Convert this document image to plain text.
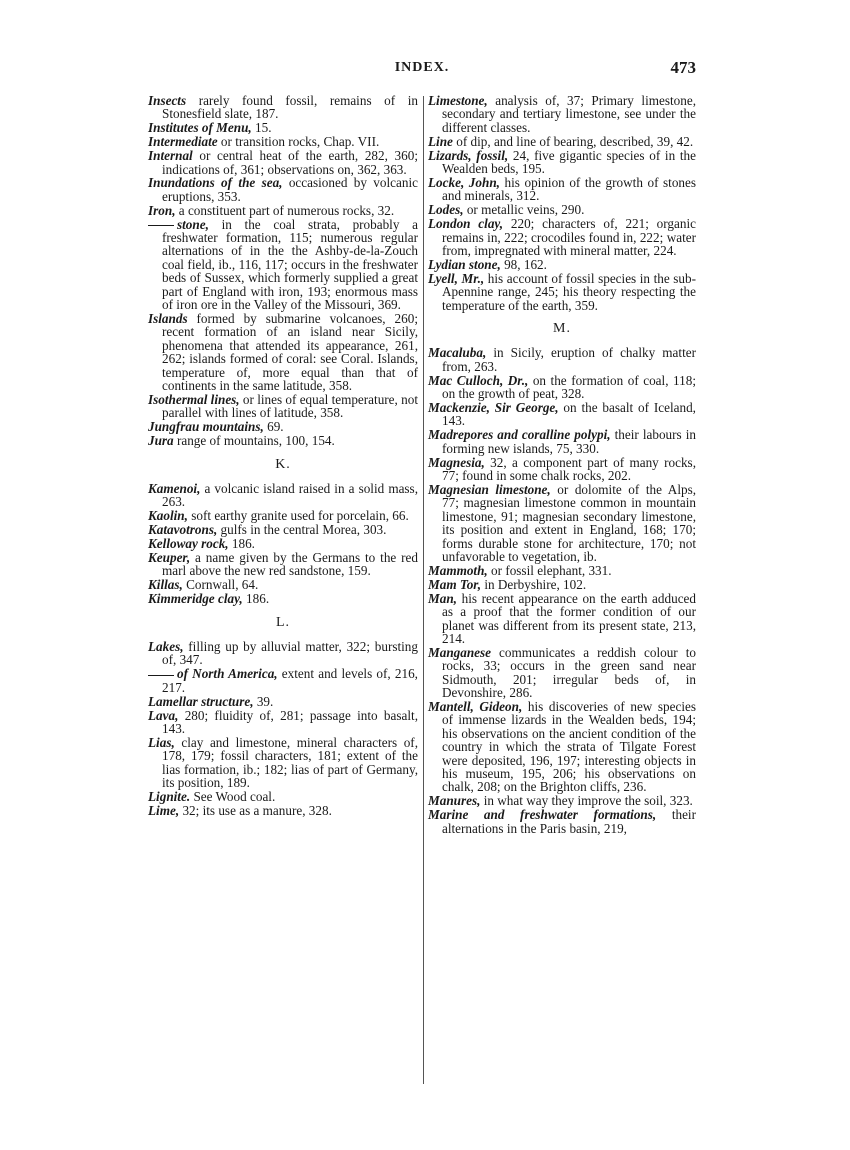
INDEX.	473
Insects rarely found fossil, remains of in Stonesfield slate, 187.
Institutes of Menu, 15.
Intermediate or transition rocks, Chap. VII.
Internal or central heat of the earth, 282, 360; indications of, 361; observations on, 362, 363.
Inundations of the sea, occasioned by volcanic eruptions, 353.
Iron, a constituent part of numerous rocks, 32.
stone, in the coal strata, probably a freshwater formation, 115; numerous regular alternations of in the the Ashby-de-la-Zouch coal field, ib., 116, 117; occurs in the freshwater beds of Sussex, which formerly supplied a great part of England with iron, 193; enormous mass of iron ore in the Valley of the Missouri, 369.
Islands formed by submarine volcanoes, 260; recent formation of an island near Sicily, phenomena that attended its appearance, 261, 262; islands formed of coral: see Coral. Islands, temperature of, more equal than that of continents in the same latitude, 358.
Isothermal lines, or lines of equal temperature, not parallel with lines of latitude, 358.
Jungfrau mountains, 69.
Jura range of mountains, 100, 154.
K.
Kamenoi, a volcanic island raised in a solid mass, 263.
Kaolin, soft earthy granite used for porcelain, 66.
Katavotrons, gulfs in the central Morea, 303.
Kelloway rock, 186.
Keuper, a name given by the Germans to the red marl above the new red sandstone, 159.
Killas, Cornwall, 64.
Kimmeridge clay, 186.
L.
Lakes, filling up by alluvial matter, 322; bursting of, 347.
of North America, extent and levels of, 216, 217.
Lamellar structure, 39.
Lava, 280; fluidity of, 281; passage into basalt, 143.
Lias, clay and limestone, mineral characters of, 178, 179; fossil characters, 181; extent of the lias formation, ib.; 182; lias of part of Germany, its position, 189.
Lignite. See Wood coal.
Lime, 32; its use as a manure, 328.
Limestone, analysis of, 37; Primary limestone, secondary and tertiary limestone, see under the different classes.
Line of dip, and line of bearing, described, 39, 42.
Lizards, fossil, 24, five gigantic species of in the Wealden beds, 195.
Locke, John, his opinion of the growth of stones and minerals, 312.
Lodes, or metallic veins, 290.
London clay, 220; characters of, 221; organic remains in, 222; crocodiles found in, 222; water from, impregnated with mineral matter, 224.
Lydian stone, 98, 162.
Lyell, Mr., his account of fossil species in the sub-Apennine range, 245; his theory respecting the temperature of the earth, 359.
M.
Macaluba, in Sicily, eruption of chalky matter from, 263.
Mac Culloch, Dr., on the formation of coal, 118; on the growth of peat, 328.
Mackenzie, Sir George, on the basalt of Iceland, 143.
Madrepores and coralline polypi, their labours in forming new islands, 75, 330.
Magnesia, 32, a component part of many rocks, 77; found in some chalk rocks, 202.
Magnesian limestone, or dolomite of the Alps, 77; magnesian limestone common in mountain limestone, 91; magnesian secondary limestone, its position and extent in England, 168; 170; forms durable stone for architecture, 170; not unfavorable to vegetation, ib.
Mammoth, or fossil elephant, 331.
Mam Tor, in Derbyshire, 102.
Man, his recent appearance on the earth adduced as a proof that the former condition of our planet was different from its present state, 213, 214.
Manganese communicates a reddish colour to rocks, 33; occurs in the green sand near Sidmouth, 201; irregular beds of, in Devonshire, 286.
Mantell, Gideon, his discoveries of new species of immense lizards in the Wealden beds, 194; his observations on the ancient condition of the country in which the strata of Tilgate Forest were deposited, 196, 197; interesting objects in his museum, 195, 206; his observations on chalk, 208; on the Brighton cliffs, 236.
Manures, in what way they improve the soil, 323.
Marine and freshwater formations, their alternations in the Paris basin, 219,
